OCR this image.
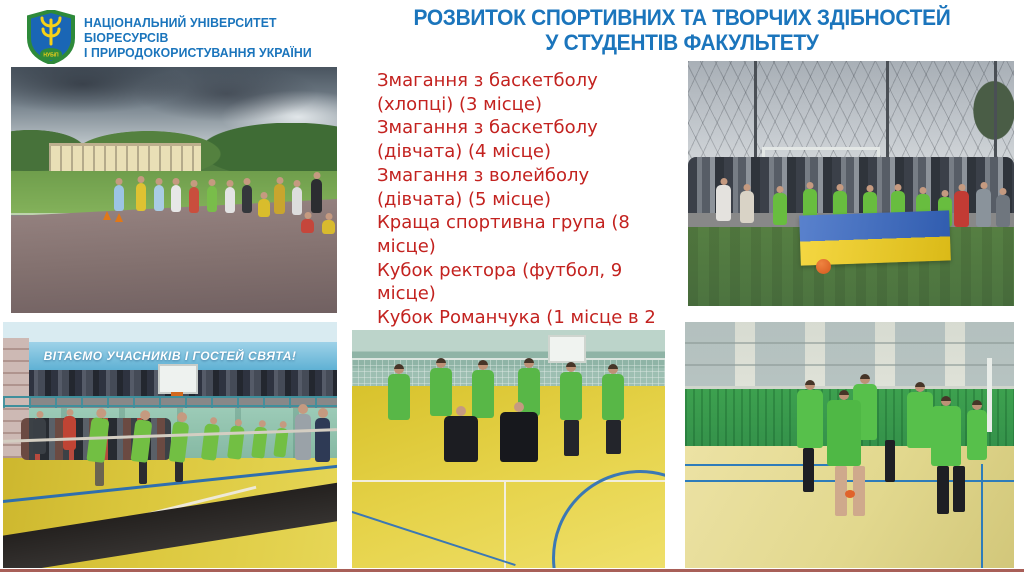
НУБіП
НАЦІОНАЛЬНИЙ УНІВЕРСИТЕТ БІОРЕСУРСІВ
І ПРИРОДОКОРИСТУВАННЯ УКРАЇНИ
РОЗВИТОК СПОРТИВНИХ ТА ТВОРЧИХ ЗДІБНОСТЕЙ
У СТУДЕНТІВ ФАКУЛЬТЕТУ
Змагання з баскетболу
(хлопці) (3 місце)
Змагання з баскетболу
(дівчата) (4 місце)
Змагання з волейболу
(дівчата) (5 місце)
Краща спортивна група (8
місце)
Кубок ректора (футбол, 9
місце)
Кубок Романчука (1 місце в 2
ВІТАЄМО УЧАСНИКІВ І ГОСТЕЙ СВЯТА!
